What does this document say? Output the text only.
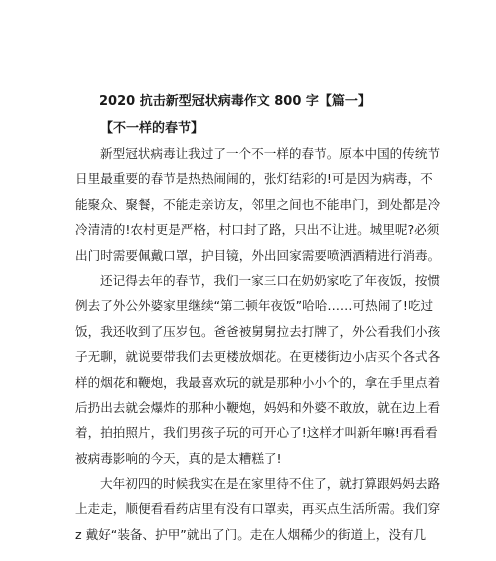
2020 抗击新型冠状病毒作文 800 字【篇一】
【不一样的春节】
新型冠状病毒让我过了一个不一样的春节。原本中国的传统节
日里最重要的春节是热热闹闹的，张灯结彩的!可是因为病毒，不
能聚众、聚餐，不能走亲访友，邻里之间也不能串门，到处都是冷
冷清清的!农村更是严格，村口封了路，只出不让进。城里呢?必须
出门时需要佩戴口罩，护目镜，外出回家需要喷洒酒精进行消毒。
还记得去年的春节，我们一家三口在奶奶家吃了年夜饭，按惯
例去了外公外婆家里继续“第二顿年夜饭”哈哈……可热闹了!吃过
饭，我还收到了压岁包。爸爸被舅舅拉去打牌了，外公看我们小孩
子无聊，就说要带我们去更楼放烟花。在更楼街边小店买个各式各
样的烟花和鞭炮，我最喜欢玩的就是那种小小个的，拿在手里点着
后扔出去就会爆炸的那种小鞭炮，妈妈和外婆不敢放，就在边上看
着，拍拍照片，我们男孩子玩的可开心了!这样才叫新年嘛!再看看
被病毒影响的今天，真的是太糟糕了!
大年初四的时候我实在是在家里待不住了，就打算跟妈妈去路
上走走，顺便看看药店里有没有口罩卖，再买点生活所需。我们穿
z 戴好“装备、护甲”就出了门。走在人烟稀少的街道上，没有几
